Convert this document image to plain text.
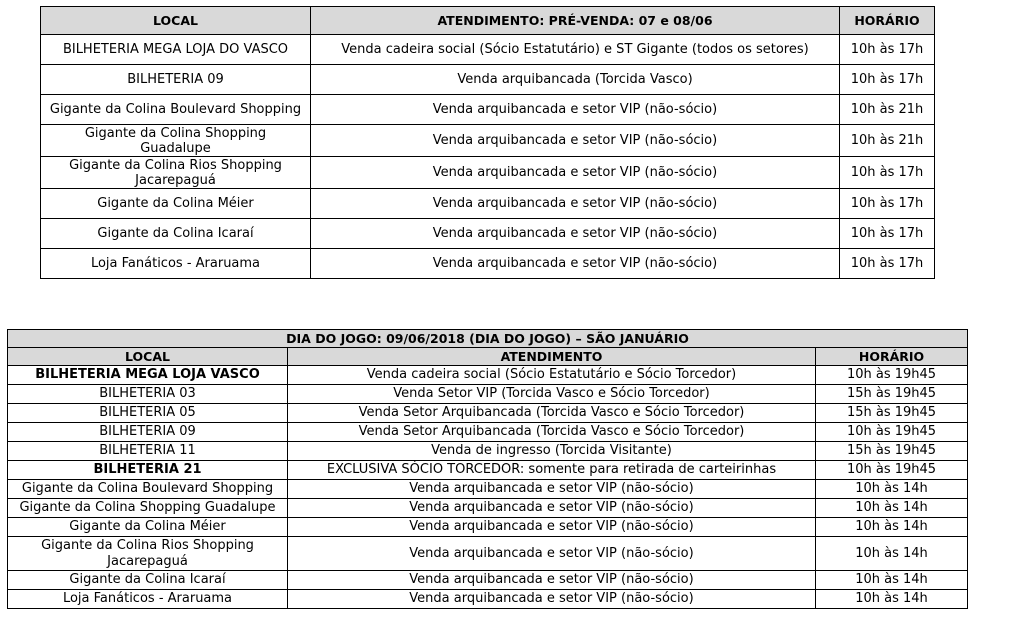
LOCAL	ATENDIMENTO: PRÉ-VENDA: 07 e 08/06	HORÁRIO
BILHETERIA MEGA LOJA DO VASCO	Venda cadeira social (Sócio Estatutário) e ST Gigante (todos os setores)	10h às 17h
BILHETERIA 09	Venda arquibancada (Torcida Vasco)	10h às 17h
Gigante da Colina Boulevard Shopping	Venda arquibancada e setor VIP (não-sócio)	10h às 21h
Gigante da Colina Shopping Guadalupe	Venda arquibancada e setor VIP (não-sócio)	10h às 21h
Gigante da Colina Rios Shopping Jacarepaguá	Venda arquibancada e setor VIP (não-sócio)	10h às 17h
Gigante da Colina Méier	Venda arquibancada e setor VIP (não-sócio)	10h às 17h
Gigante da Colina Icaraí	Venda arquibancada e setor VIP (não-sócio)	10h às 17h
Loja Fanáticos - Araruama	Venda arquibancada e setor VIP (não-sócio)	10h às 17h
DIA DO JOGO: 09/06/2018 (DIA DO JOGO) – SÃO JANUÁRIO		
LOCAL	ATENDIMENTO	HORÁRIO
BILHETERIA MEGA LOJA VASCO	Venda cadeira social (Sócio Estatutário e Sócio Torcedor)	10h às 19h45
BILHETERIA 03	Venda Setor VIP (Torcida Vasco e Sócio Torcedor)	15h às 19h45
BILHETERIA 05	Venda Setor Arquibancada (Torcida Vasco e Sócio Torcedor)	15h às 19h45
BILHETERIA 09	Venda Setor Arquibancada (Torcida Vasco e Sócio Torcedor)	10h às 19h45
BILHETERIA 11	Venda de ingresso (Torcida Visitante)	15h às 19h45
BILHETERIA 21	EXCLUSIVA SÓCIO TORCEDOR: somente para retirada de carteirinhas	10h às 19h45
Gigante da Colina Boulevard Shopping	Venda arquibancada e setor VIP (não-sócio)	10h às 14h
Gigante da Colina Shopping Guadalupe	Venda arquibancada e setor VIP (não-sócio)	10h às 14h
Gigante da Colina Méier	Venda arquibancada e setor VIP (não-sócio)	10h às 14h
Gigante da Colina Rios Shopping Jacarepaguá	Venda arquibancada e setor VIP (não-sócio)	10h às 14h
Gigante da Colina Icaraí	Venda arquibancada e setor VIP (não-sócio)	10h às 14h
Loja Fanáticos - Araruama	Venda arquibancada e setor VIP (não-sócio)	10h às 14h
